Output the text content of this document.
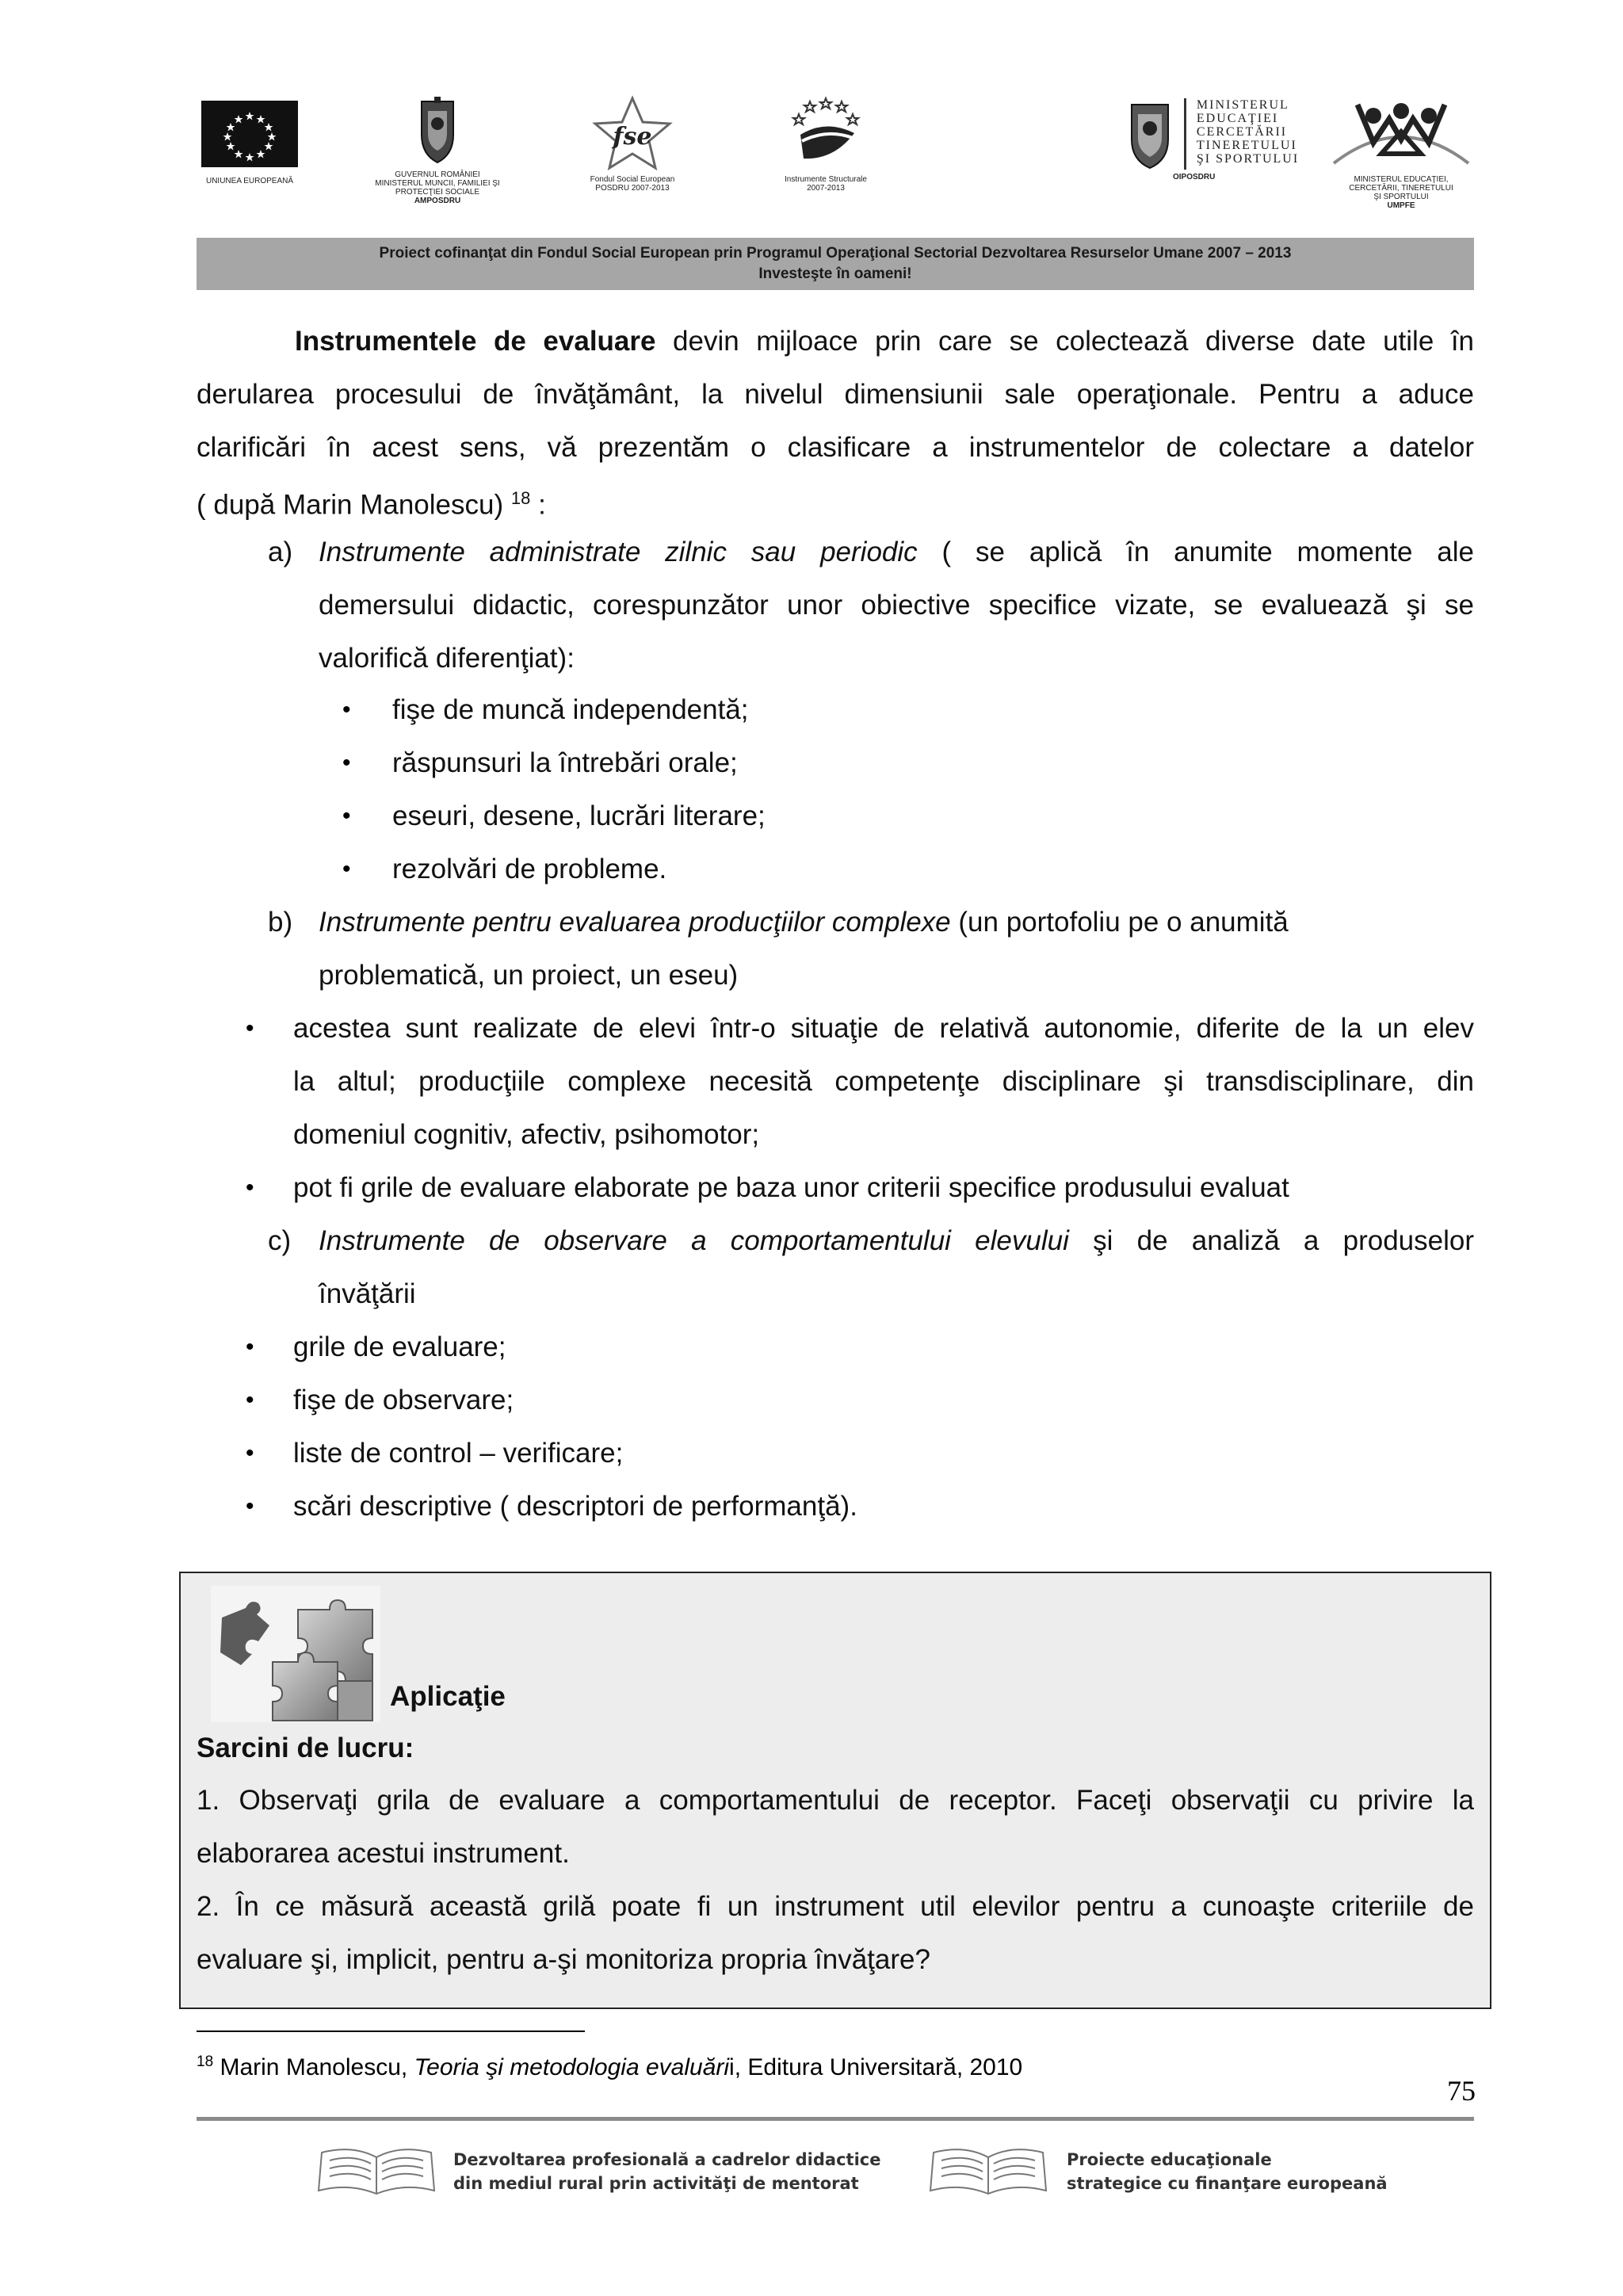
UNIUNEA EUROPEANĂ
GUVERNUL ROMÂNIEI
MINISTERUL MUNCII, FAMILIEI ŞI
PROTECŢIEI SOCIALE
AMPOSDRU
fse
Fondul Social European
POSDRU 2007-2013
Instrumente Structurale
2007-2013

MINISTERUL
EDUCAŢIEI
CERCETĂRII
TINERETULUI
ŞI SPORTULUI
OIPOSDRU	MINISTERUL EDUCAŢIEI,
CERCETĂRII, TINERETULUI
ŞI SPORTULUI
UMPFE
Proiect cofinanţat din Fondul Social European prin Programul Operaţional Sectorial Dezvoltarea Resurselor Umane 2007 – 2013
Investeşte în oameni!
Instrumentele de evaluare devin mijloace prin care se colectează diverse date utile în
derularea procesului de învăţământ, la nivelul dimensiunii sale operaţionale. Pentru a aduce
clarificări în acest sens, vă prezentăm o clasificare a instrumentelor de colectare a datelor
( după Marin Manolescu) $^{18}$ :
a) Instrumente administrate zilnic sau periodic ( se aplică în anumite momente ale
demersului didactic, corespunzător unor obiective specifice vizate, se evaluează şi se
valorifică diferenţiat):
• fişe de muncă independentă;
• răspunsuri la întrebări orale;
• eseuri, desene, lucrări literare;
• rezolvări de probleme.
b) Instrumente pentru evaluarea producţiilor complexe (un portofoliu pe o anumită
problematică, un proiect, un eseu)
• acestea sunt realizate de elevi într-o situaţie de relativă autonomie, diferite de la un elev
la altul; producţiile complexe necesită competenţe disciplinare şi transdisciplinare, din
domeniul cognitiv, afectiv, psihomotor;
• pot fi grile de evaluare elaborate pe baza unor criterii specifice produsului evaluat
c) Instrumente de observare a comportamentului elevului şi de analiză a produselor
învăţării
• grile de evaluare;
• fişe de observare;
• liste de control – verificare;
• scări descriptive ( descriptori de performanţă).
Aplicaţie
Sarcini de lucru:
1. Observaţi grila de evaluare a comportamentului de receptor. Faceţi observaţii cu privire la
elaborarea acestui instrument.
2. În ce măsură această grilă poate fi un instrument util elevilor pentru a cunoaşte criteriile de
evaluare şi, implicit, pentru a-şi monitoriza propria învăţare?
$^{18}$ Marin Manolescu, Teoria şi metodologia evaluării, Editura Universitară, 2010
75
Dezvoltarea profesională a cadrelor didactice
din mediul rural prin activităţi de mentorat
Proiecte educaţionale
strategice cu finanţare europeană
